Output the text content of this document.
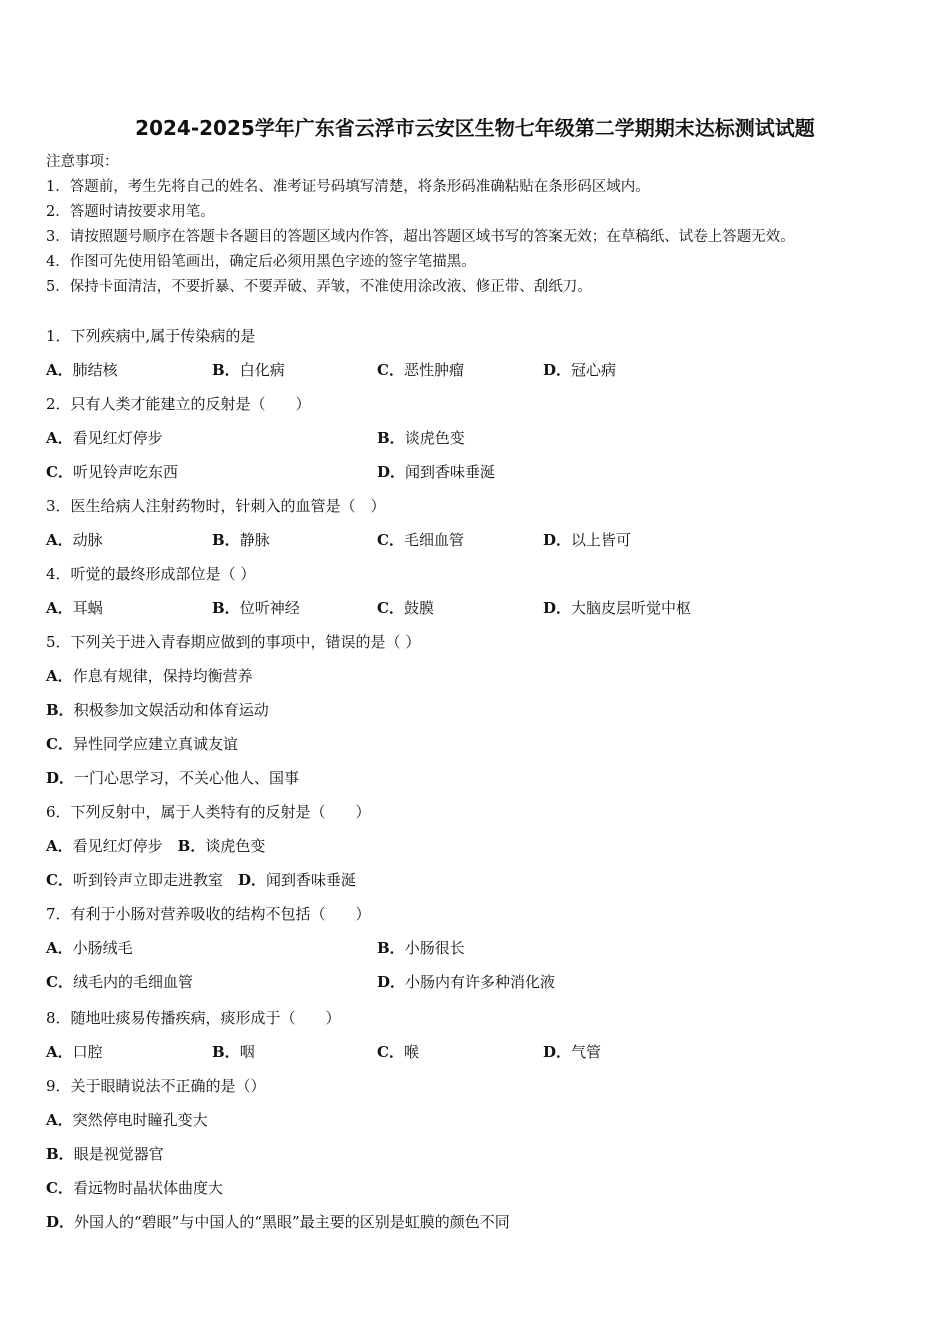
2024-2025学年广东省云浮市云安区生物七年级第二学期期末达标测试试题
注意事项：
1．答题前，考生先将自己的姓名、准考证号码填写清楚，将条形码准确粘贴在条形码区域内。
2．答题时请按要求用笔。
3．请按照题号顺序在答题卡各题目的答题区域内作答，超出答题区域书写的答案无效；在草稿纸、试卷上答题无效。
4．作图可先使用铅笔画出，确定后必须用黑色字迹的签字笔描黑。
5．保持卡面清洁，不要折暴、不要弄破、弄皱，不准使用涂改液、修正带、刮纸刀。
1．下列疾病中,属于传染病的是
A．肺结核	B．白化病	C．恶性肿瘤	D．冠心病
2．只有人类才能建立的反射是（　　）
A．看见红灯停步	B．谈虎色变
C．听见铃声吃东西	D．闻到香味垂涎
3．医生给病人注射药物时，针刺入的血管是（　）
A．动脉	B．静脉	C．毛细血管	D．以上皆可
4．听觉的最终形成部位是（ ）
A．耳蜗	B．位听神经	C．鼓膜	D．大脑皮层听觉中枢
5．下列关于进入青春期应做到的事项中，错误的是（ ）
A．作息有规律，保持均衡营养
B．积极参加文娱活动和体育运动
C．异性同学应建立真诚友谊
D．一门心思学习，不关心他人、国事
6．下列反射中，属于人类特有的反射是（　　）
A．看见红灯停步　 B．谈虎色变
C．听到铃声立即走进教室　 D．闻到香味垂涎
7．有利于小肠对营养吸收的结构不包括（　　）
A．小肠绒毛	B．小肠很长
C．绒毛内的毛细血管	D．小肠内有许多种消化液
8．随地吐痰易传播疾病，痰形成于（　　）
A．口腔	B．咽	C．喉	D．气管
9．关于眼睛说法不正确的是（）
A．突然停电时瞳孔变大
B．眼是视觉器官
C．看远物时晶状体曲度大
D．外国人的“碧眼”与中国人的“黑眼”最主要的区别是虹膜的颜色不同
